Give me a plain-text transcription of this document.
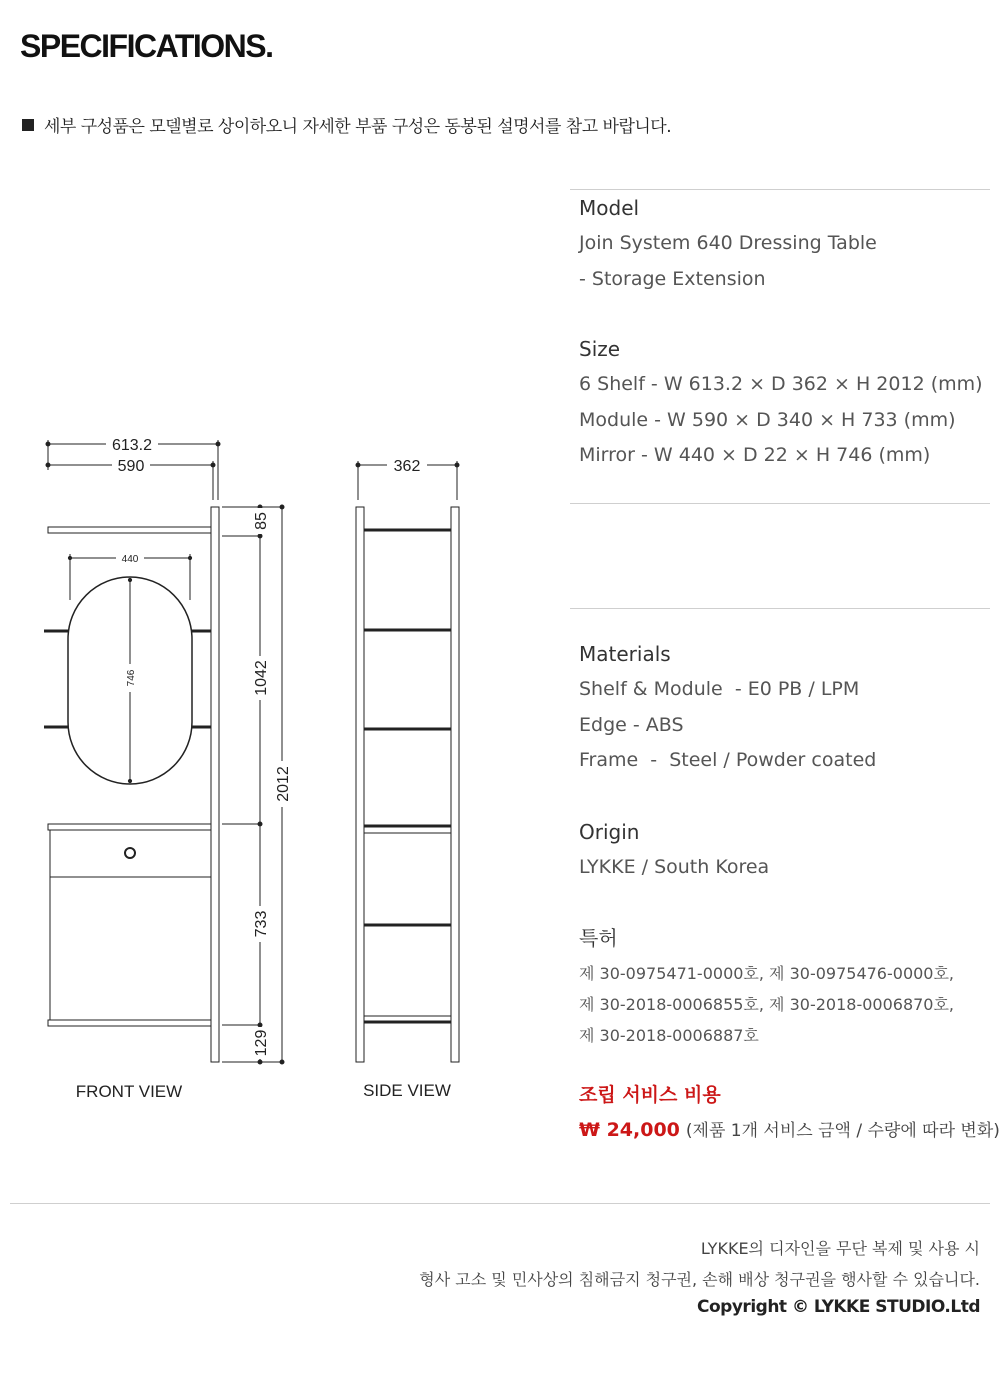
SPECIFICATIONS.
세부 구성품은 모델별로 상이하오니 자세한 부품 구성은 동봉된 설명서를 참고 바랍니다.
Model
Join System 640 Dressing Table
- Storage Extension
Size
6 Shelf - W 613.2 × D 362 × H 2012 (mm)
Module - W 590 × D 340 × H 733 (mm)
Mirror - W 440 × D 22 × H 746 (mm)
Materials
Shelf & Module  - E0 PB / LPM
Edge - ABS
Frame  -  Steel / Powder coated
Origin
LYKKE / South Korea
특허
제 30-0975471-0000호, 제 30-0975476-0000호,
제 30-2018-0006855호, 제 30-2018-0006870호,
제 30-2018-0006887호
조립 서비스 비용
₩ 24,000 (제품 1개 서비스 금액 / 수량에 따라 변화)
LYKKE의 디자인을 무단 복제 및 사용 시
형사 고소 및 민사상의 침해금지 청구권, 손해 배상 청구권을 행사할 수 있습니다.
Copyright © LYKKE STUDIO.Ltd
613.2
590
440
746
85
1042
2012
733
129
362
FRONT VIEW	SIDE VIEW
